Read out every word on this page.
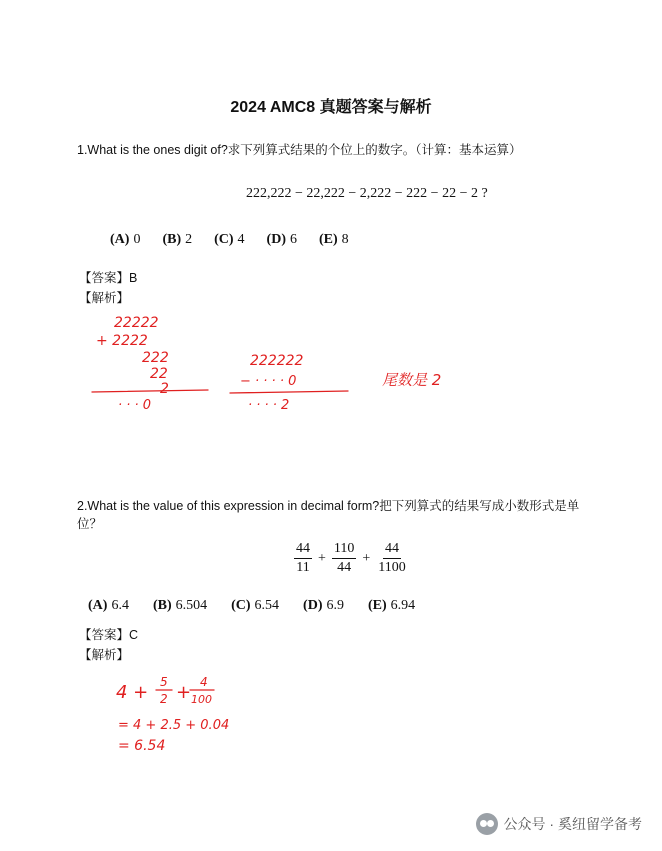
2024 AMC8 真题答案与解析
1.What is the ones digit of?求下列算式结果的个位上的数字。（计算：基本运算）
222,222 − 22,222 − 2,222 − 222 − 22 − 2 ?
(A) 0 (B) 2 (C) 4 (D) 6 (E) 8
【答案】B
【解析】
22222
+ 2222
222
22
2
· · · 0
222222
− · · · · 0
· · · · 2
尾数是 2
2.What is the value of this expression in decimal form?把下列算式的结果写成小数形式是单
位？
$\frac{44}{11} + \frac{110}{44} + \frac{44}{1100}$
(A) 6.4 (B) 6.504 (C) 6.54 (D) 6.9 (E) 6.94
【答案】C
【解析】
4 + 5
2 + 4
100
= 4 + 2.5 + 0.04
= 6.54
公众号 · 奚纽留学备考
